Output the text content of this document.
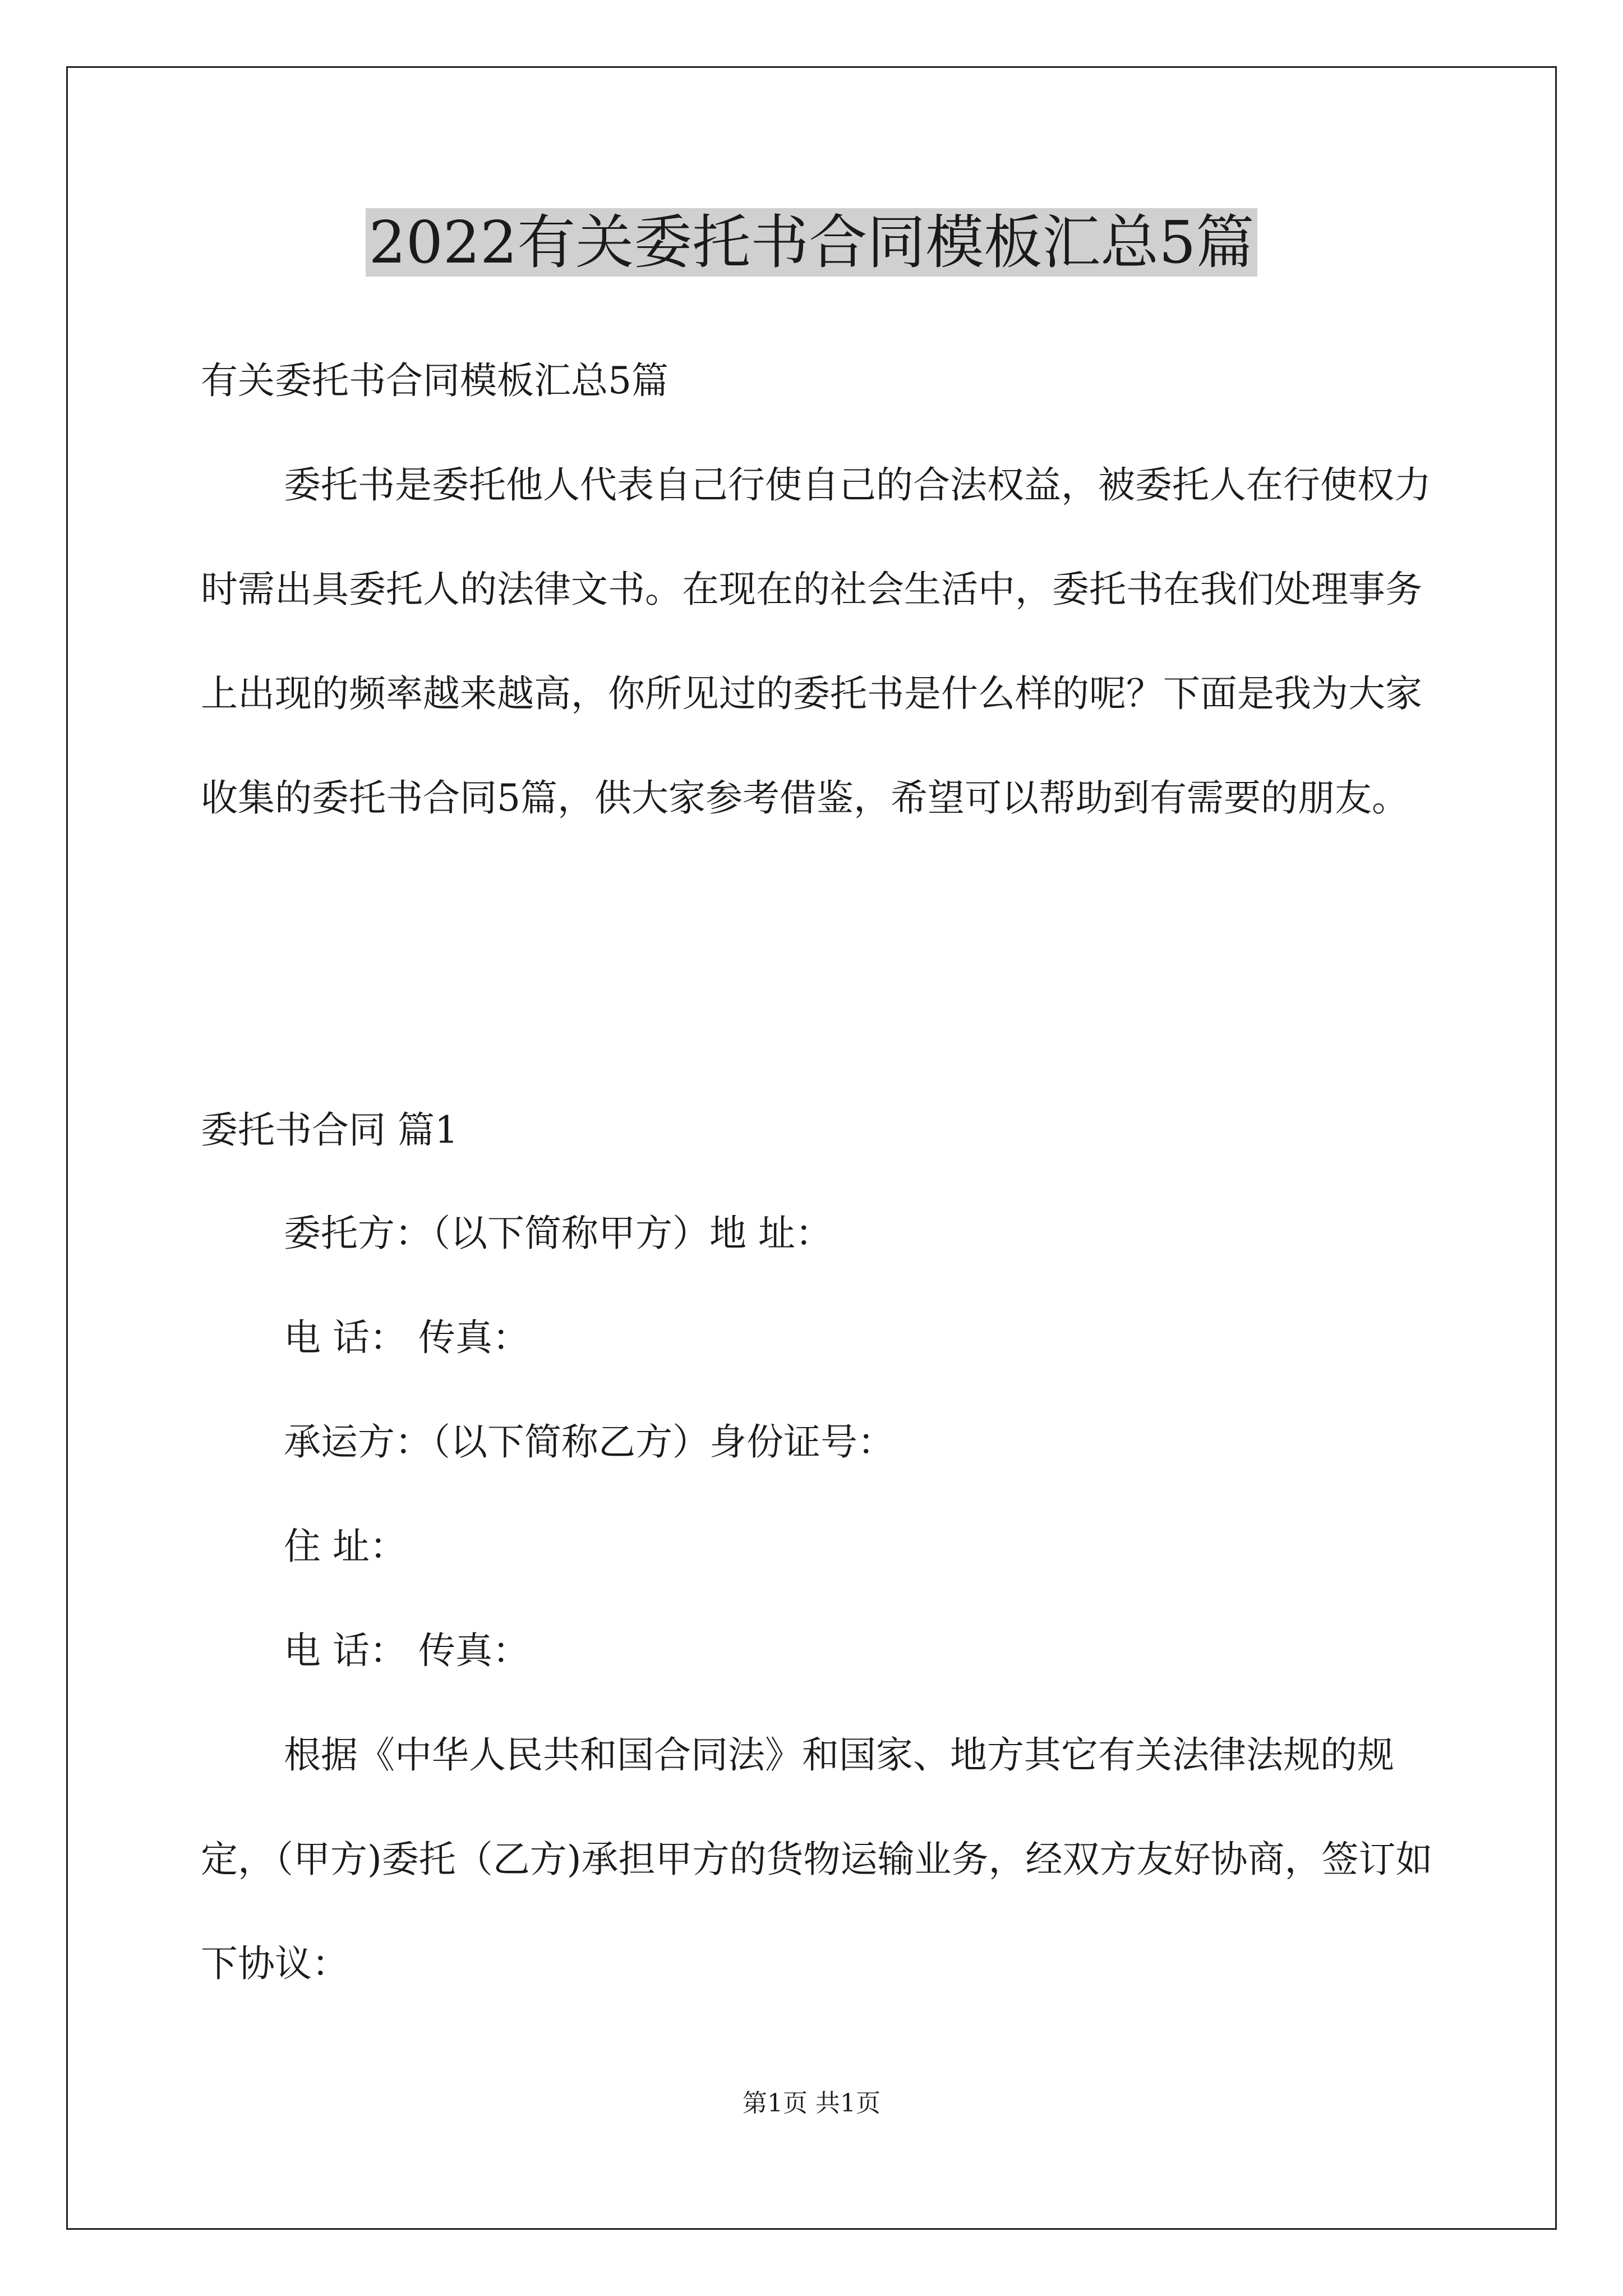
2022有关委托书合同模板汇总5篇

有关委托书合同模板汇总5篇

委托书是委托他人代表自己行使自己的合法权益，被委托人在行使权力时需出具委托人的法律文书。在现在的社会生活中，委托书在我们处理事务上出现的频率越来越高，你所见过的委托书是什么样的呢？下面是我为大家收集的委托书合同5篇，供大家参考借鉴，希望可以帮助到有需要的朋友。

委托书合同 篇1

委托方：（以下简称甲方）地 址：

电 话： 传真：

承运方：（以下简称乙方）身份证号：

住 址：

电 话： 传真：

根据《中华人民共和国合同法》和国家、地方其它有关法律法规的规定，（甲方)委托（乙方)承担甲方的货物运输业务，经双方友好协商，签订如下协议：

第1页 共1页
